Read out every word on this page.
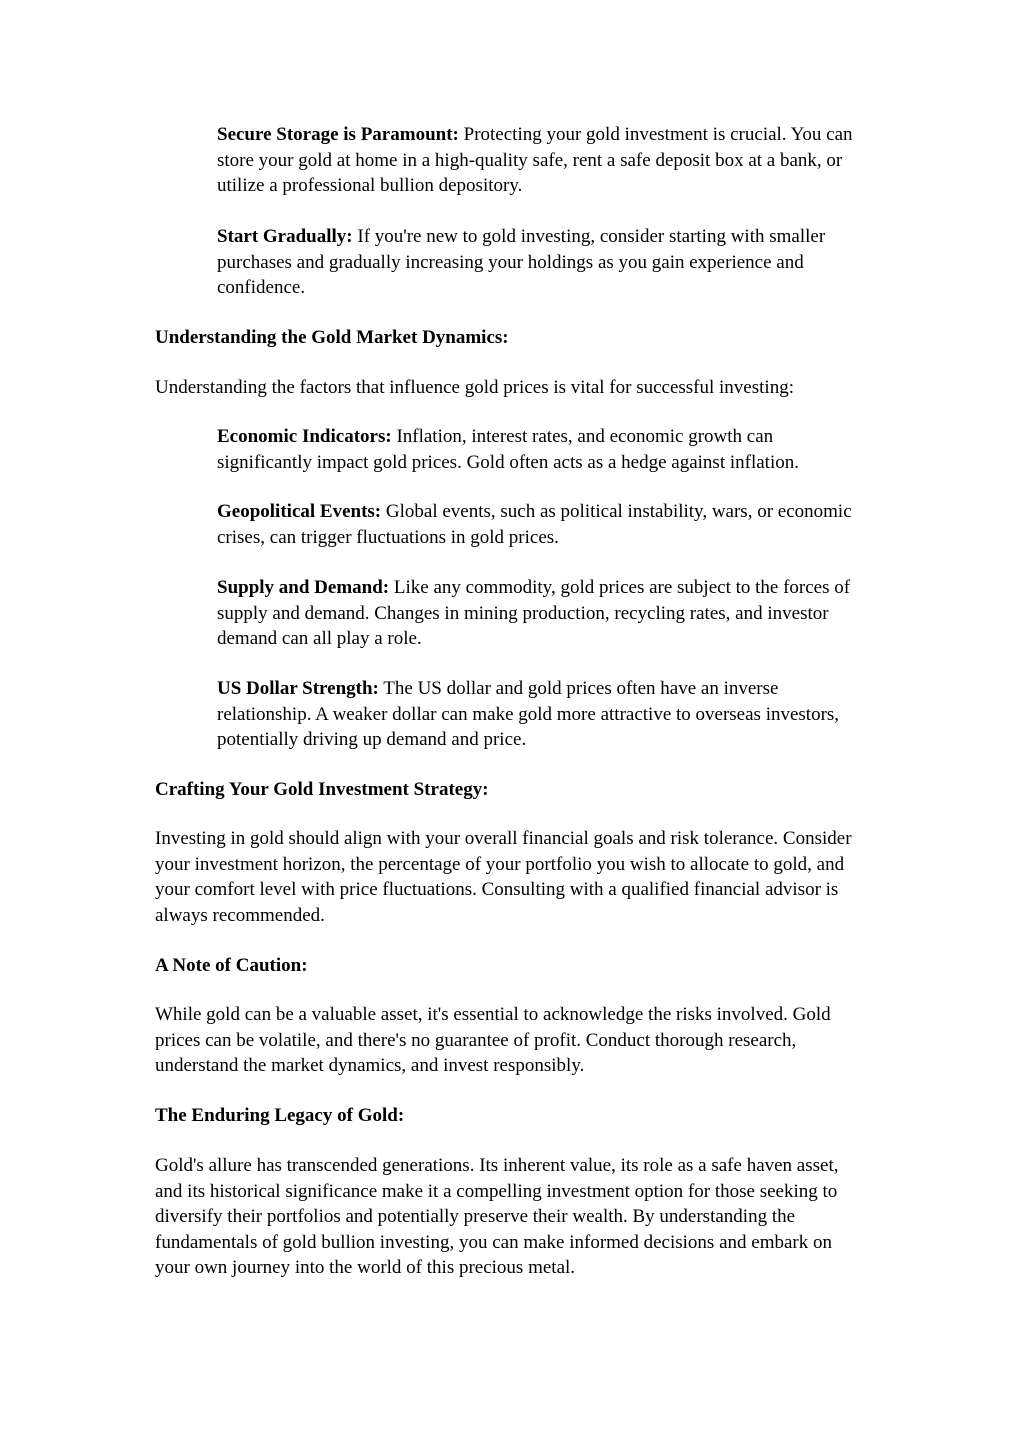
Secure Storage is Paramount: Protecting your gold investment is crucial. You can store your gold at home in a high-quality safe, rent a safe deposit box at a bank, or utilize a professional bullion depository.

Start Gradually: If you're new to gold investing, consider starting with smaller purchases and gradually increasing your holdings as you gain experience and confidence.

Understanding the Gold Market Dynamics:

Understanding the factors that influence gold prices is vital for successful investing:

Economic Indicators: Inflation, interest rates, and economic growth can significantly impact gold prices. Gold often acts as a hedge against inflation.

Geopolitical Events: Global events, such as political instability, wars, or economic crises, can trigger fluctuations in gold prices.

Supply and Demand: Like any commodity, gold prices are subject to the forces of supply and demand. Changes in mining production, recycling rates, and investor demand can all play a role.

US Dollar Strength: The US dollar and gold prices often have an inverse relationship. A weaker dollar can make gold more attractive to overseas investors, potentially driving up demand and price.

Crafting Your Gold Investment Strategy:

Investing in gold should align with your overall financial goals and risk tolerance. Consider your investment horizon, the percentage of your portfolio you wish to allocate to gold, and your comfort level with price fluctuations. Consulting with a qualified financial advisor is always recommended.

A Note of Caution:

While gold can be a valuable asset, it's essential to acknowledge the risks involved. Gold prices can be volatile, and there's no guarantee of profit. Conduct thorough research, understand the market dynamics, and invest responsibly.

The Enduring Legacy of Gold:

Gold's allure has transcended generations. Its inherent value, its role as a safe haven asset, and its historical significance make it a compelling investment option for those seeking to diversify their portfolios and potentially preserve their wealth. By understanding the fundamentals of gold bullion investing, you can make informed decisions and embark on your own journey into the world of this precious metal.
